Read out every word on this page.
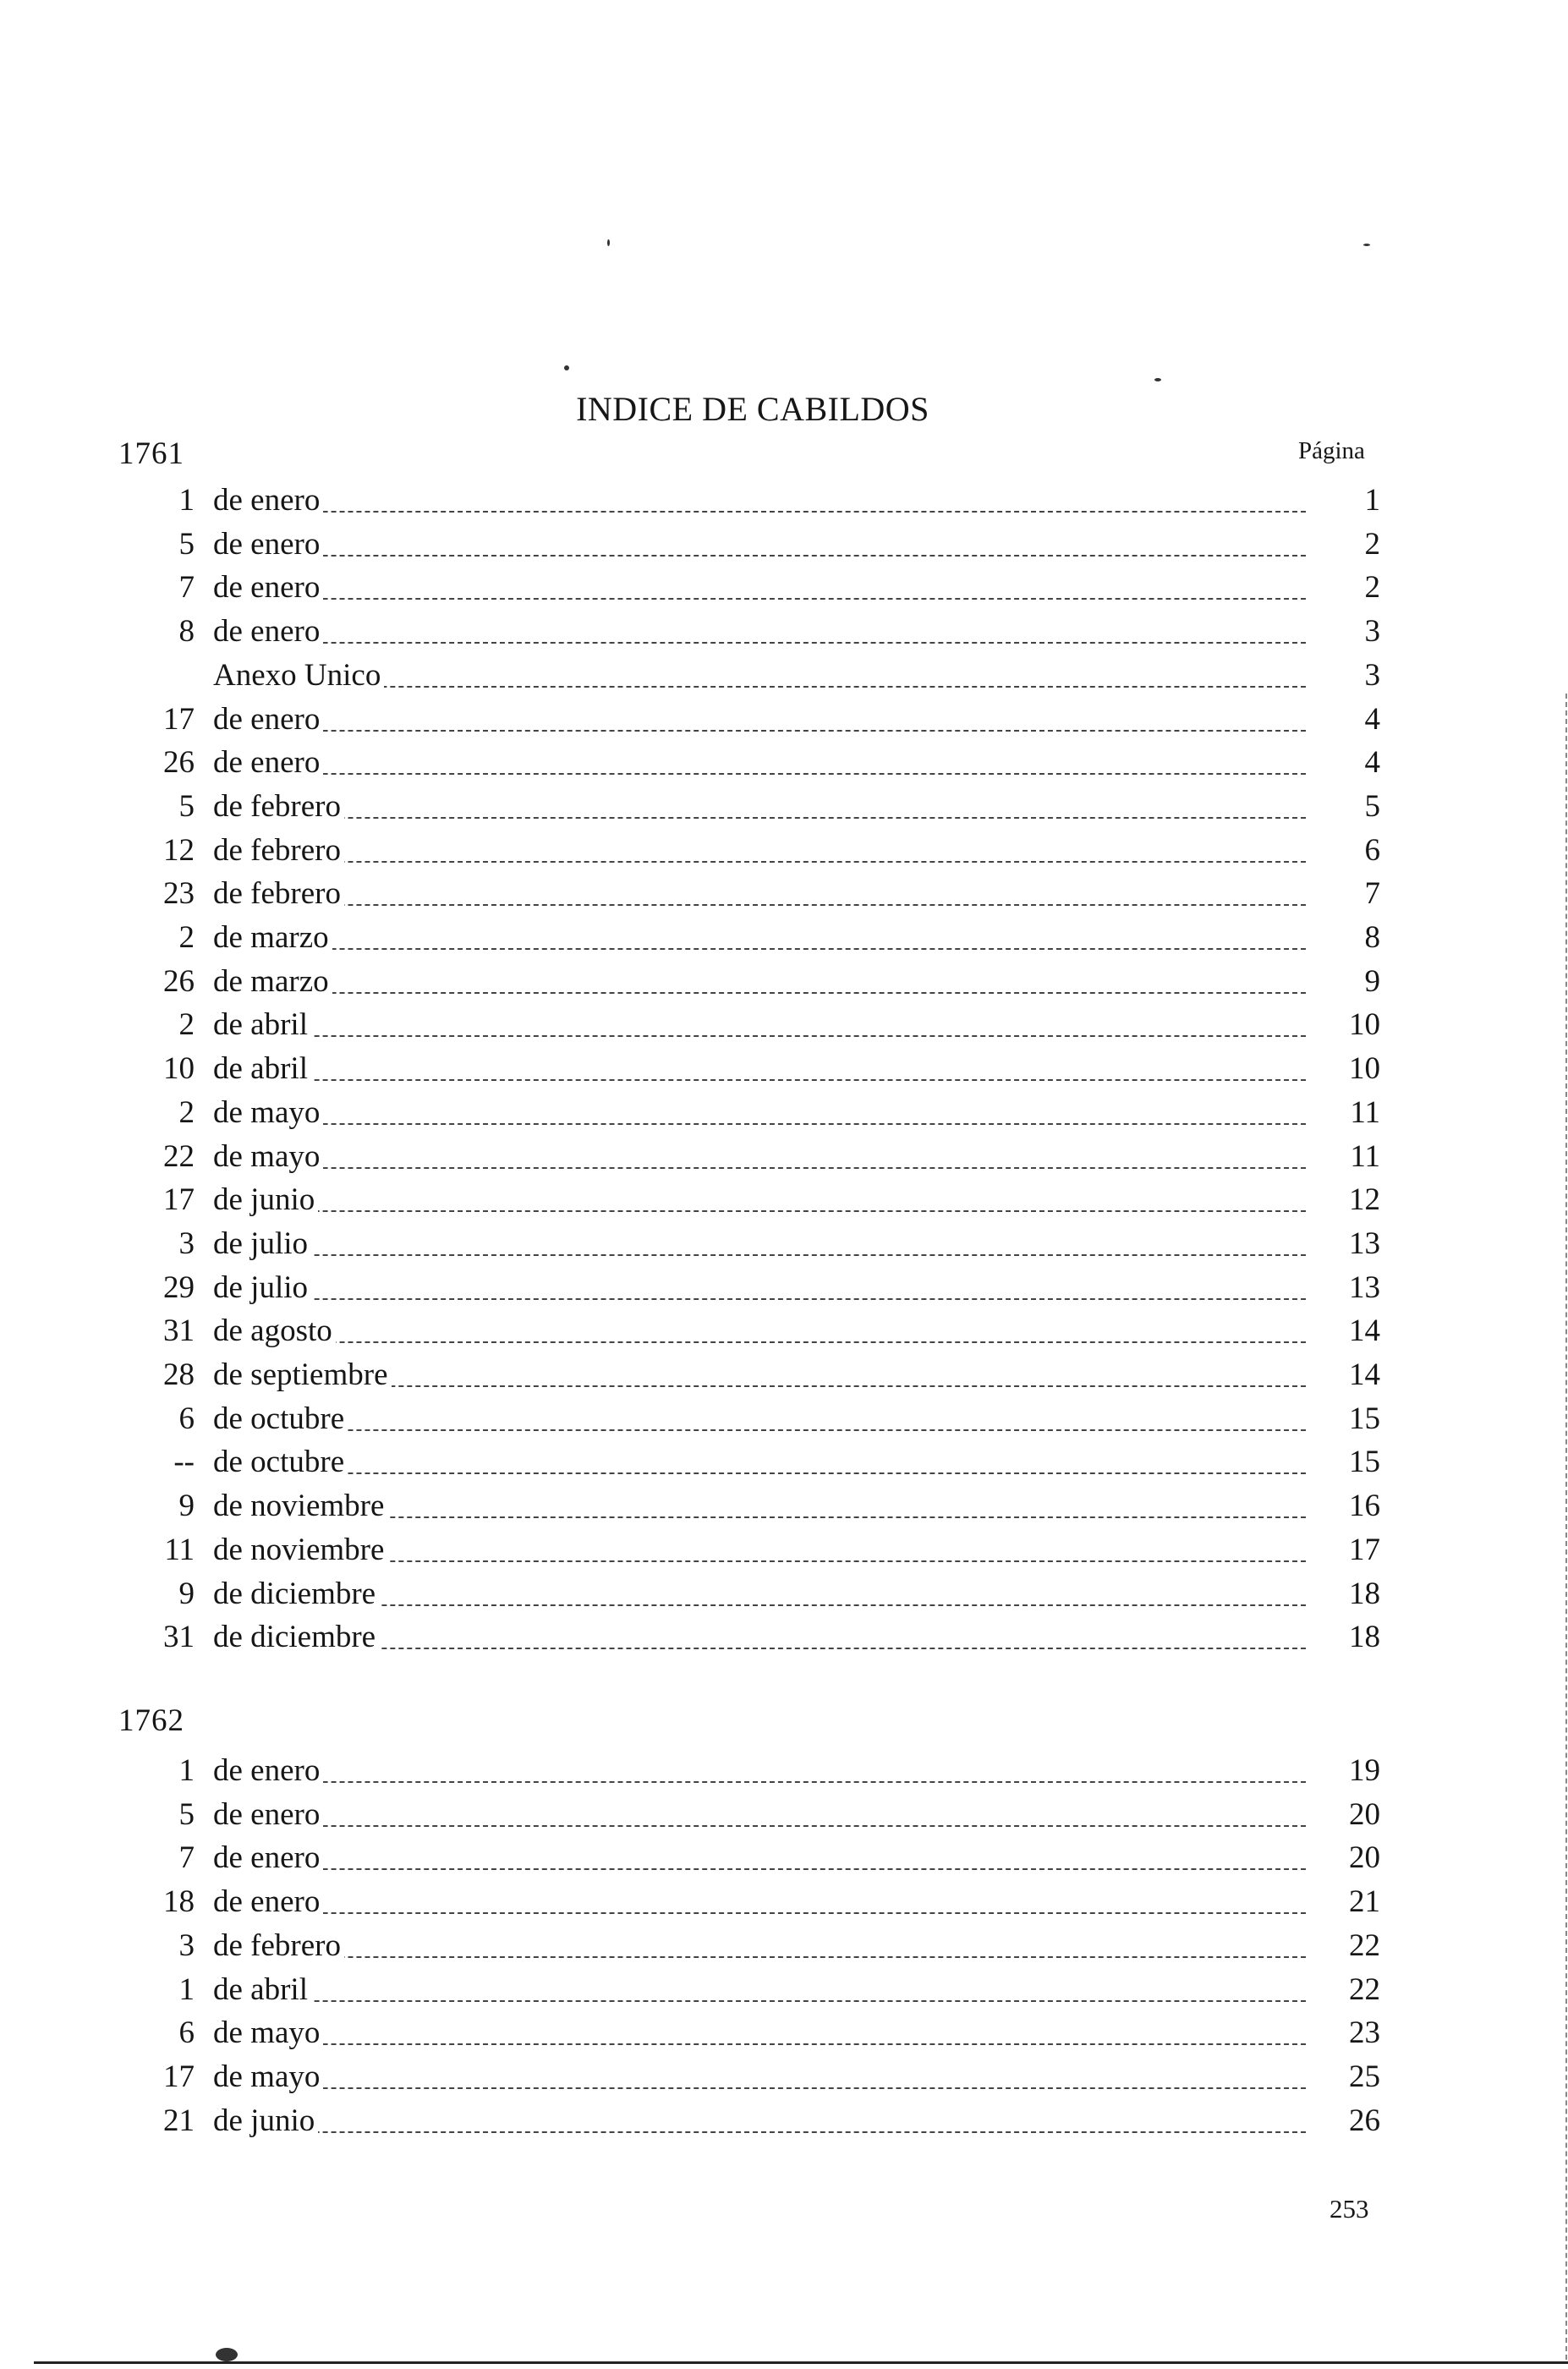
INDICE DE CABILDOS
1761	Página
1 de enero	1
5 de enero	2
7 de enero	2
8 de enero	3
Anexo Unico	3
17 de enero	4
26 de enero	4
5 de febrero	5
12 de febrero	6
23 de febrero	7
2 de marzo	8
26 de marzo	9
2 de abril	10
10 de abril	10
2 de mayo	11
22 de mayo	11
17 de junio	12
3 de julio	13
29 de julio	13
31 de agosto	14
28 de septiembre	14
6 de octubre	15
-- de octubre	15
9 de noviembre	16
11 de noviembre	17
9 de diciembre	18
31 de diciembre	18
1762
1 de enero	19
5 de enero	20
7 de enero	20
18 de enero	21
3 de febrero	22
1 de abril	22
6 de mayo	23
17 de mayo	25
21 de junio	26
253
